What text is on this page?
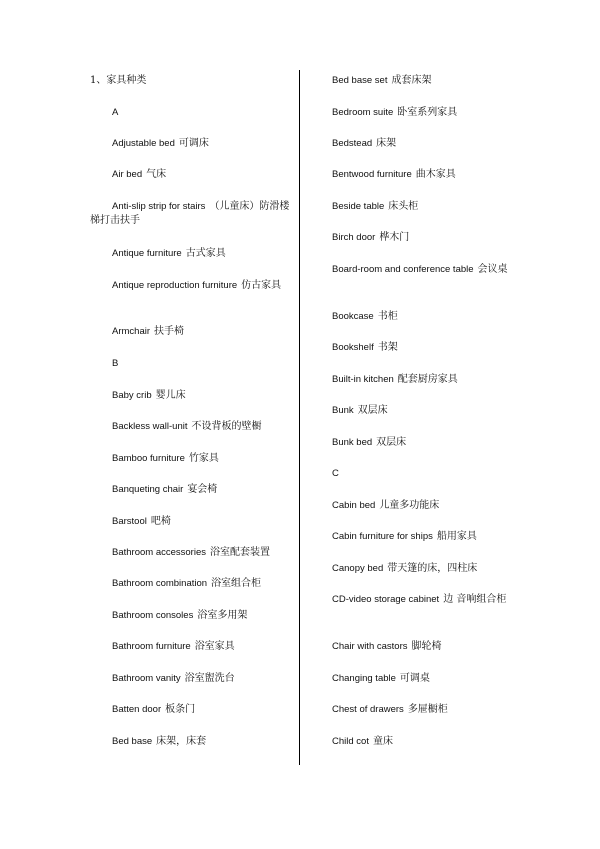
1、家具种类
A
Adjustable bed 可调床
Air bed 气床
Anti-slip strip for stairs （儿童床）防滑楼梯打击扶手
Antique furniture 古式家具
Antique reproduction furniture 仿古家具
Armchair 扶手椅
B
Baby crib 婴儿床
Backless wall-unit 不设背板的壁橱
Bamboo furniture 竹家具
Banqueting chair 宴会椅
Barstool 吧椅
Bathroom accessories 浴室配套装置
Bathroom combination 浴室组合柜
Bathroom consoles 浴室多用架
Bathroom furniture 浴室家具
Bathroom vanity 浴室盥洗台
Batten door 板条门
Bed base 床架，床套
Bed base set 成套床架
Bedroom suite 卧室系列家具
Bedstead 床架
Bentwood furniture 曲木家具
Beside table 床头柜
Birch door 桦木门
Board-room and conference table 会议桌
Bookcase 书柜
Bookshelf 书架
Built-in kitchen 配套厨房家具
Bunk 双层床
Bunk bed 双层床
C
Cabin bed 儿童多功能床
Cabin furniture for ships 船用家具
Canopy bed 带天篷的床，四柱床
CD-video storage cabinet 边 音响组合柜
Chair with castors 脚轮椅
Changing table 可调桌
Chest of drawers 多屉橱柜
Child cot 童床
